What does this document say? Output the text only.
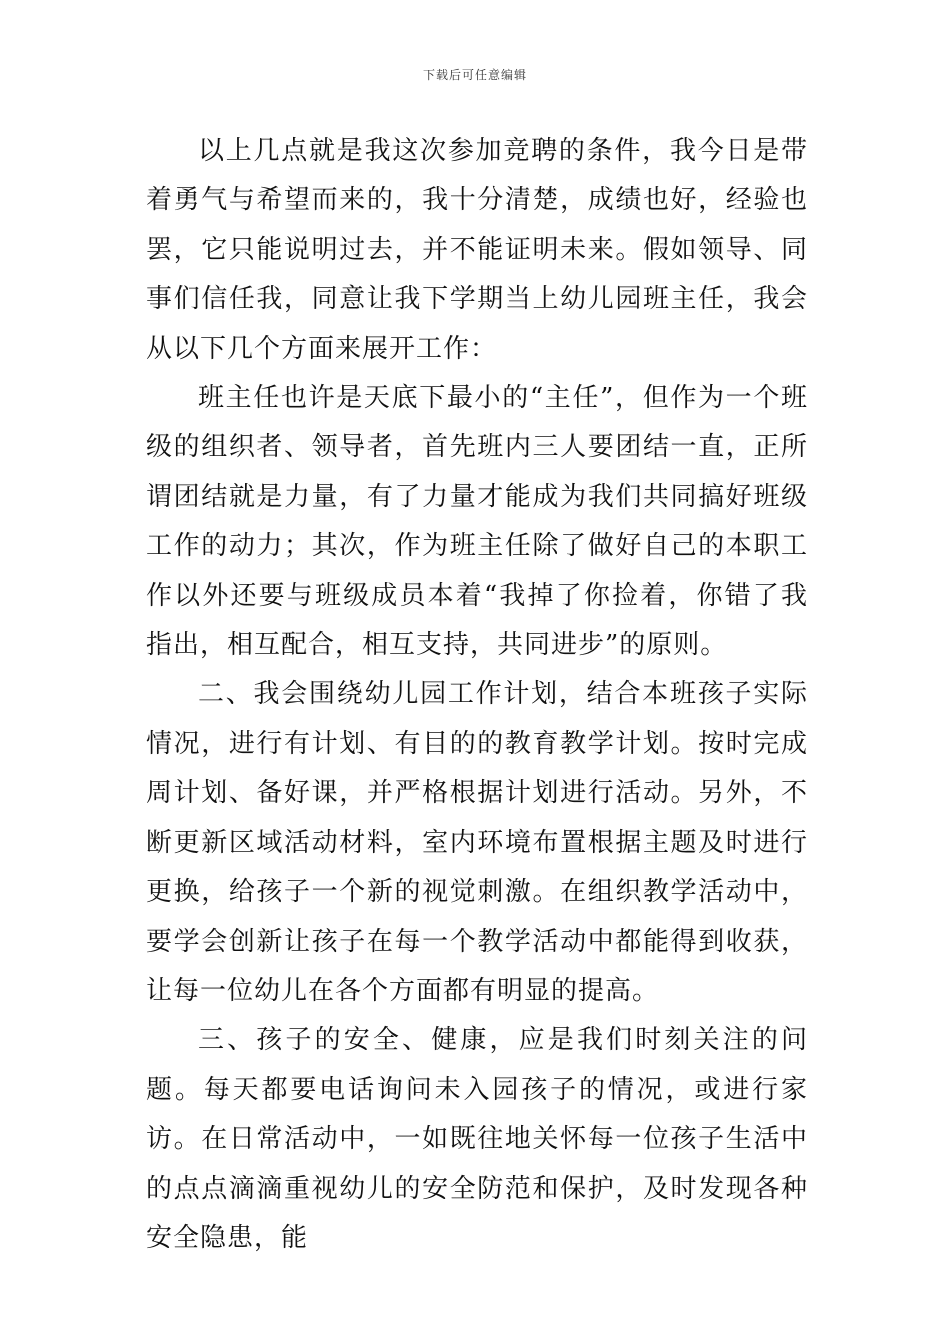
下载后可任意编辑

以上几点就是我这次参加竞聘的条件，我今日是带着勇气与希望而来的，我十分清楚，成绩也好，经验也罢，它只能说明过去，并不能证明未来。假如领导、同事们信任我，同意让我下学期当上幼儿园班主任，我会从以下几个方面来展开工作：

班主任也许是天底下最小的“主任”，但作为一个班级的组织者、领导者，首先班内三人要团结一直，正所谓团结就是力量，有了力量才能成为我们共同搞好班级工作的动力；其次，作为班主任除了做好自己的本职工作以外还要与班级成员本着“我掉了你捡着，你错了我指出，相互配合，相互支持，共同进步”的原则。

二、我会围绕幼儿园工作计划，结合本班孩子实际情况，进行有计划、有目的的教育教学计划。按时完成周计划、备好课，并严格根据计划进行活动。另外，不断更新区域活动材料，室内环境布置根据主题及时进行更换，给孩子一个新的视觉刺激。在组织教学活动中，要学会创新让孩子在每一个教学活动中都能得到收获，让每一位幼儿在各个方面都有明显的提高。

三、孩子的安全、健康，应是我们时刻关注的问题。每天都要电话询问未入园孩子的情况，或进行家访。在日常活动中，一如既往地关怀每一位孩子生活中的点点滴滴重视幼儿的安全防范和保护，及时发现各种安全隐患，能
